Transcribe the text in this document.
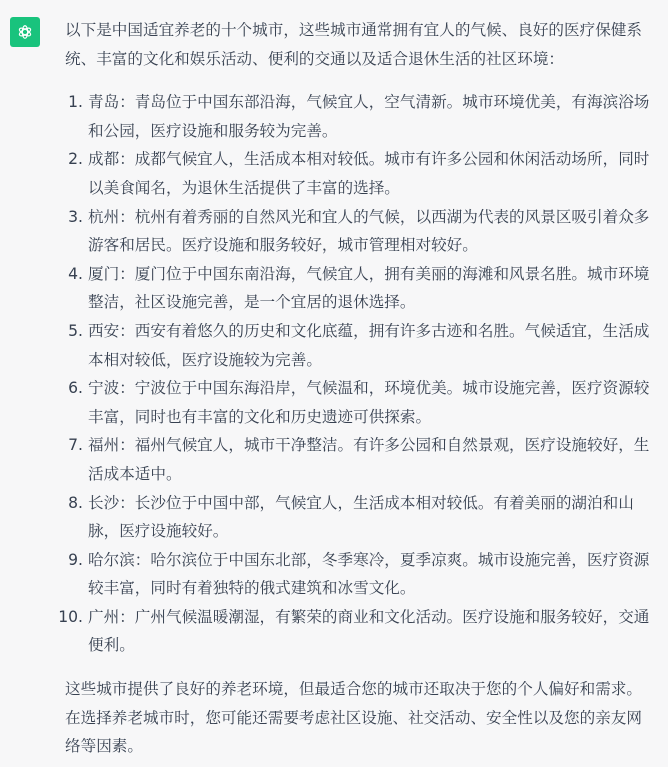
以下是中国适宜养老的十个城市，这些城市通常拥有宜人的气候、良好的医疗保健系统、丰富的文化和娱乐活动、便利的交通以及适合退休生活的社区环境：

1. 青岛：青岛位于中国东部沿海，气候宜人，空气清新。城市环境优美，有海滨浴场和公园，医疗设施和服务较为完善。
2. 成都：成都气候宜人，生活成本相对较低。城市有许多公园和休闲活动场所，同时以美食闻名，为退休生活提供了丰富的选择。
3. 杭州：杭州有着秀丽的自然风光和宜人的气候，以西湖为代表的风景区吸引着众多游客和居民。医疗设施和服务较好，城市管理相对较好。
4. 厦门：厦门位于中国东南沿海，气候宜人，拥有美丽的海滩和风景名胜。城市环境整洁，社区设施完善，是一个宜居的退休选择。
5. 西安：西安有着悠久的历史和文化底蕴，拥有许多古迹和名胜。气候适宜，生活成本相对较低，医疗设施较为完善。
6. 宁波：宁波位于中国东海沿岸，气候温和，环境优美。城市设施完善，医疗资源较丰富，同时也有丰富的文化和历史遗迹可供探索。
7. 福州：福州气候宜人，城市干净整洁。有许多公园和自然景观，医疗设施较好，生活成本适中。
8. 长沙：长沙位于中国中部，气候宜人，生活成本相对较低。有着美丽的湖泊和山脉，医疗设施较好。
9. 哈尔滨：哈尔滨位于中国东北部，冬季寒冷，夏季凉爽。城市设施完善，医疗资源较丰富，同时有着独特的俄式建筑和冰雪文化。
10. 广州：广州气候温暖潮湿，有繁荣的商业和文化活动。医疗设施和服务较好，交通便利。

这些城市提供了良好的养老环境，但最适合您的城市还取决于您的个人偏好和需求。在选择养老城市时，您可能还需要考虑社区设施、社交活动、安全性以及您的亲友网络等因素。
